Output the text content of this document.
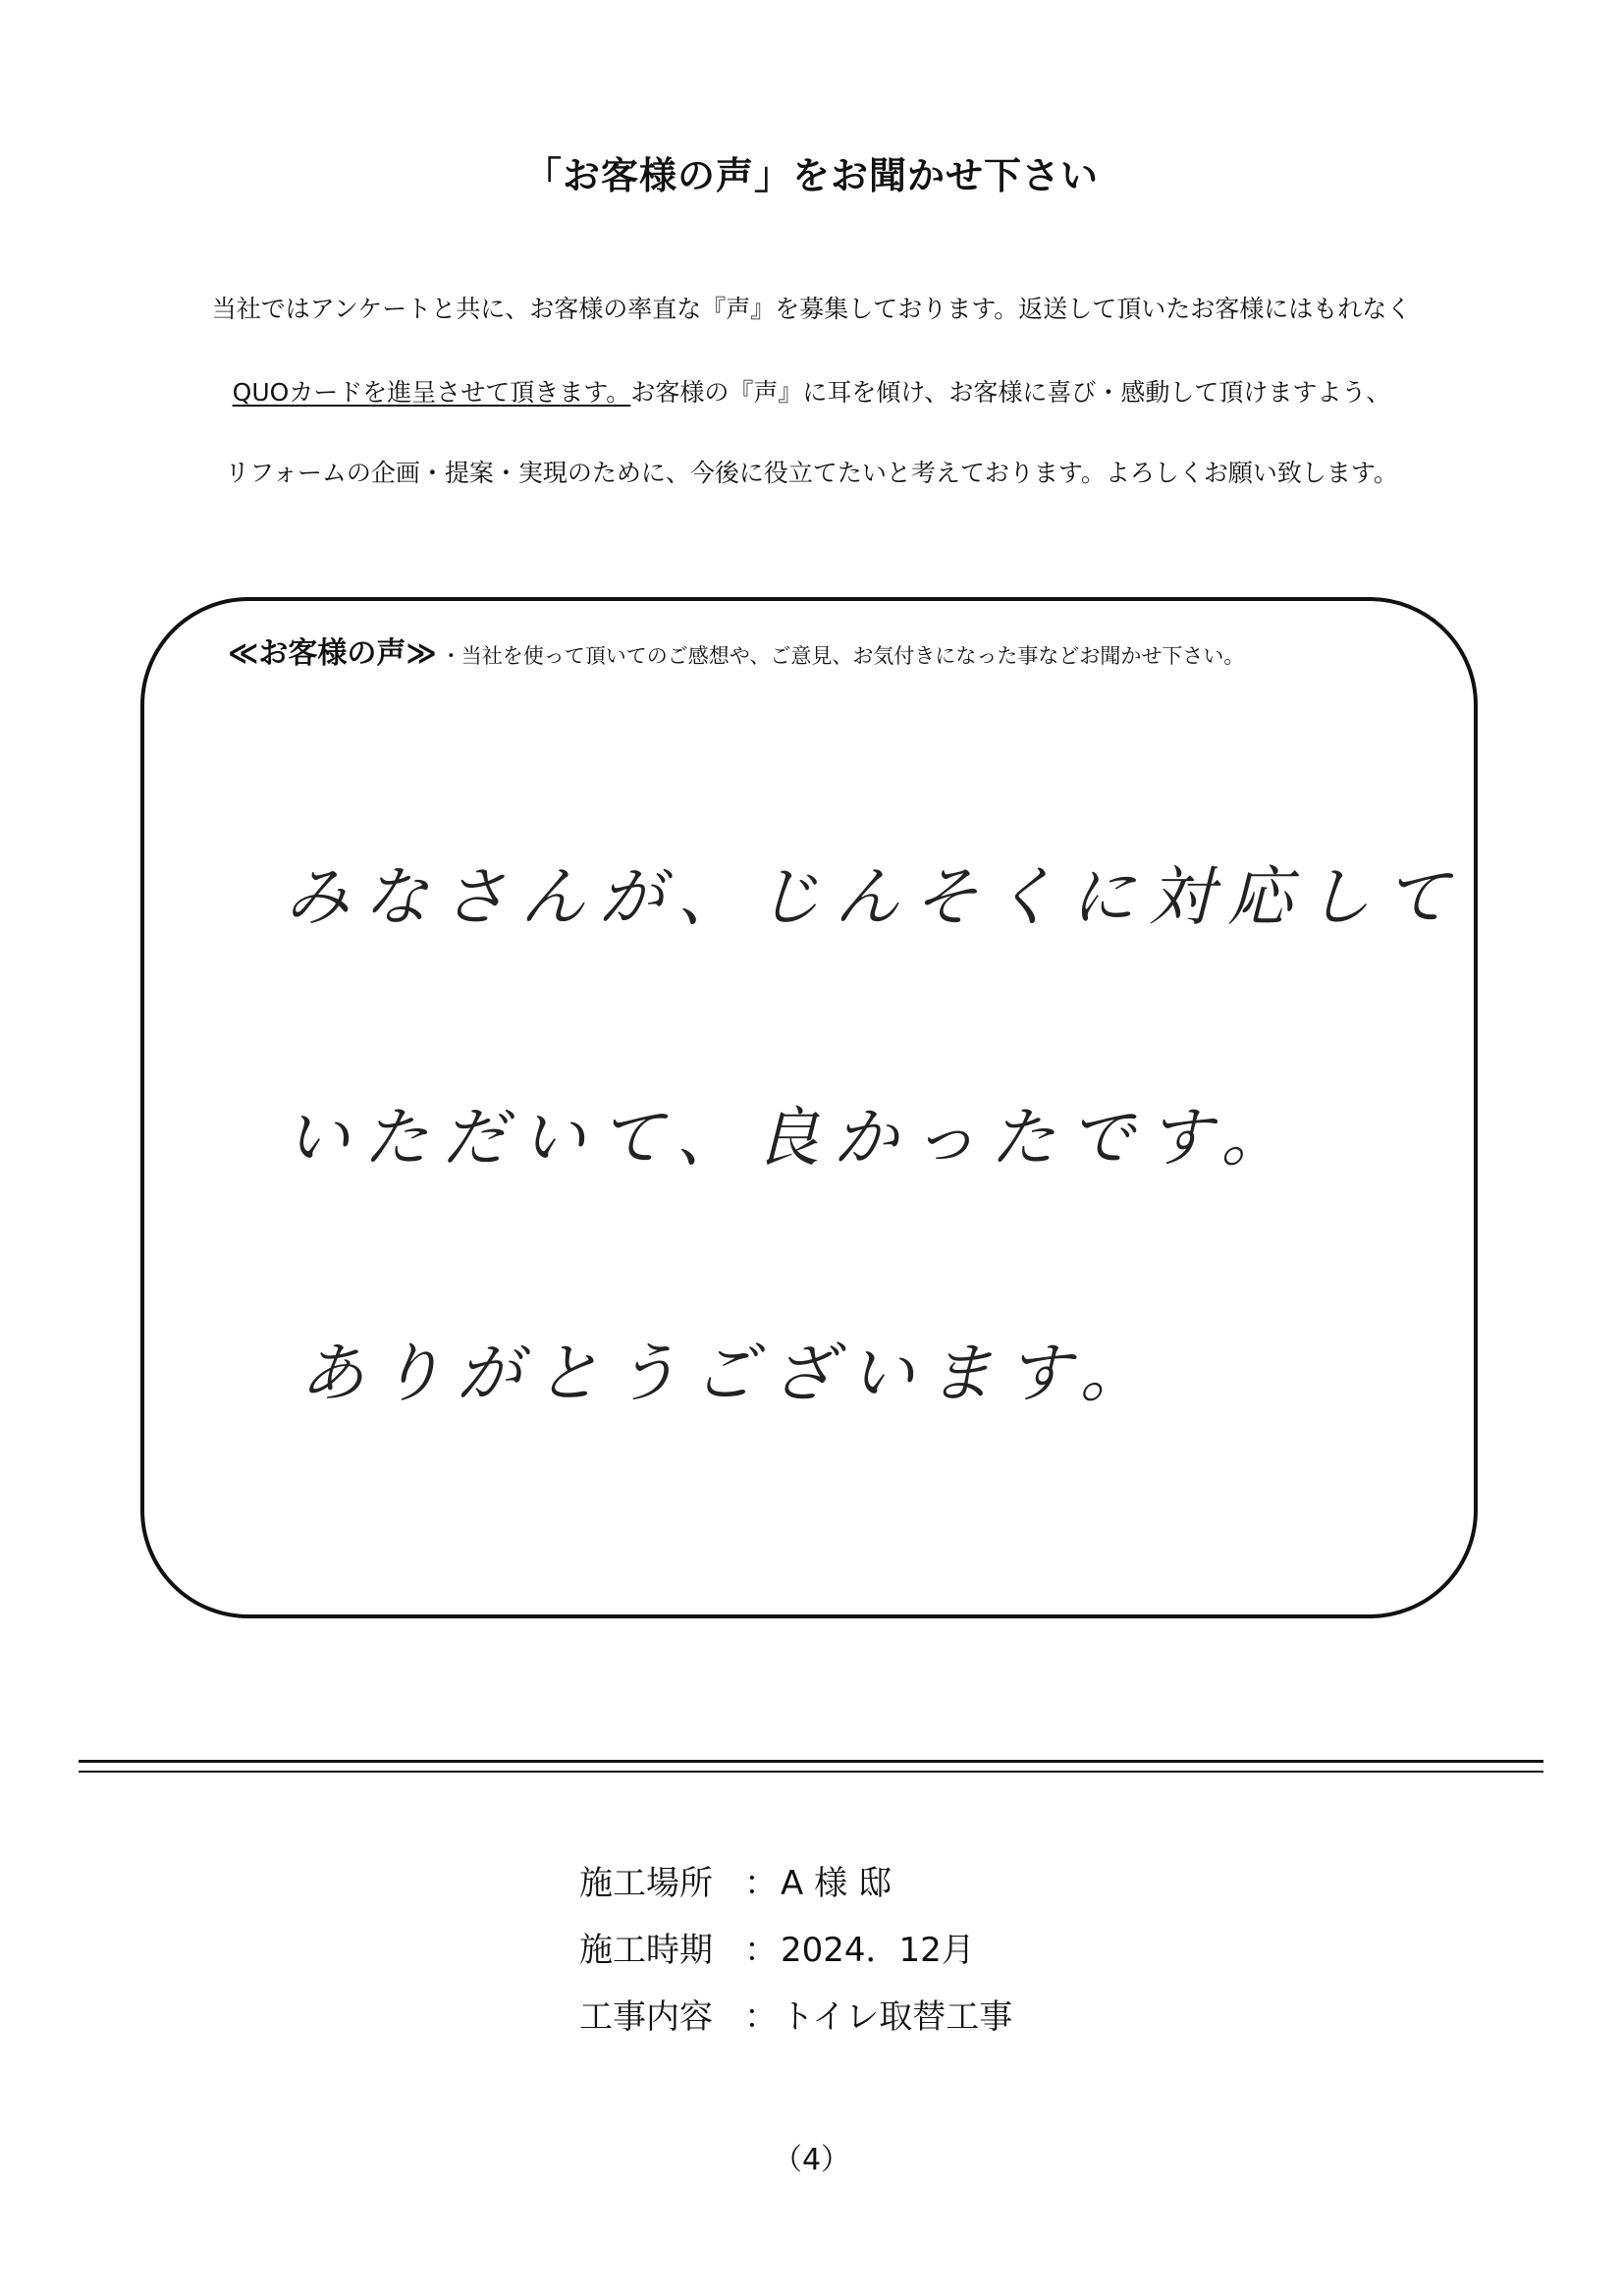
「お客様の声」をお聞かせ下さい
当社ではアンケートと共に、お客様の率直な『声』を募集しております。返送して頂いたお客様にはもれなく
QUOカードを進呈させて頂きます。お客様の『声』に耳を傾け、お客様に喜び・感動して頂けますよう、
リフォームの企画・提案・実現のために、今後に役立てたいと考えております。よろしくお願い致します。
≪お客様の声≫ ・当社を使って頂いてのご感想や、ご意見、お気付きになった事などお聞かせ下さい。
みなさんが、じんそくに対応して
いただいて、良かったです。
ありがとうございます。
施工場所 ：A 様 邸
施工時期 ：2024．12月
工事内容 ：トイレ取替工事
（4）
